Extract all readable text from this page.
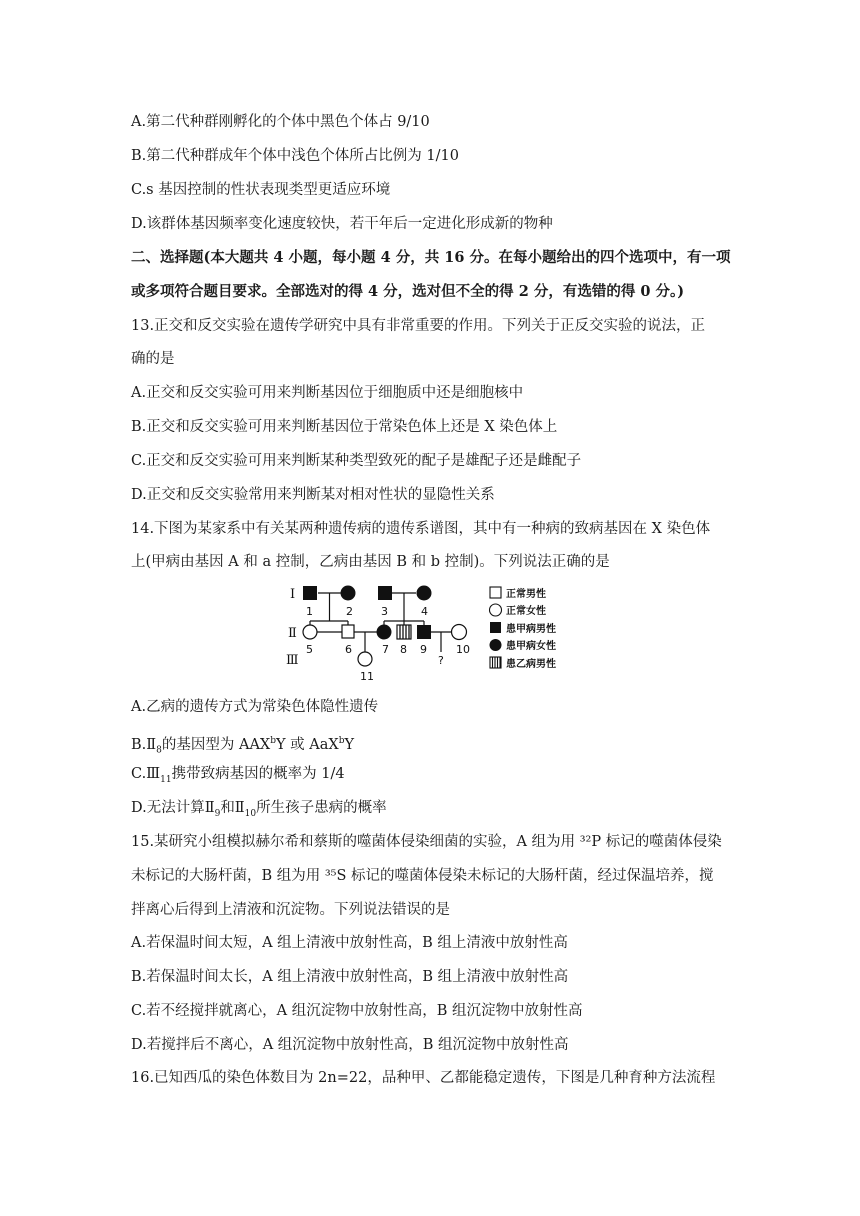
A.第二代种群刚孵化的个体中黑色个体占 9/10
B.第二代种群成年个体中浅色个体所占比例为 1/10
C.s 基因控制的性状表现类型更适应环境
D.该群体基因频率变化速度较快，若干年后一定进化形成新的物种
二、选择题(本大题共 4 小题，每小题 4 分，共 16 分。在每小题给出的四个选项中，有一项
或多项符合题目要求。全部选对的得 4 分，选对但不全的得 2 分，有选错的得 0 分。)
13.正交和反交实验在遗传学研究中具有非常重要的作用。下列关于正反交实验的说法，正
确的是
A.正交和反交实验可用来判断基因位于细胞质中还是细胞核中
B.正交和反交实验可用来判断基因位于常染色体上还是 X 染色体上
C.正交和反交实验可用来判断某种类型致死的配子是雄配子还是雌配子
D.正交和反交实验常用来判断某对相对性状的显隐性关系
14.下图为某家系中有关某两种遗传病的遗传系谱图，其中有一种病的致病基因在 X 染色体
上(甲病由基因 A 和 a 控制，乙病由基因 B 和 b 控制)。下列说法正确的是
Ⅰ
Ⅱ
Ⅲ
1	2	3	4
5	6	7 8 9	10
11
?
正常男性
正常女性
患甲病男性
患甲病女性
患乙病男性
A.乙病的遗传方式为常染色体隐性遗传
$B.Ⅱ_8$的基因型为 AAX$^b$Y 或 AaX$^b$Y
$C.Ⅲ_{11}$携带致病基因的概率为 1/4
D.无法计算$Ⅱ_9$和$Ⅱ_{10}$所生孩子患病的概率
15.某研究小组模拟赫尔希和蔡斯的噬菌体侵染细菌的实验，A 组为用 ³²P 标记的噬菌体侵染
未标记的大肠杆菌，B 组为用 ³⁵S 标记的噬菌体侵染未标记的大肠杆菌，经过保温培养，搅
拌离心后得到上清液和沉淀物。下列说法错误的是
A.若保温时间太短，A 组上清液中放射性高，B 组上清液中放射性高
B.若保温时间太长，A 组上清液中放射性高，B 组上清液中放射性高
C.若不经搅拌就离心，A 组沉淀物中放射性高，B 组沉淀物中放射性高
D.若搅拌后不离心，A 组沉淀物中放射性高，B 组沉淀物中放射性高
16.已知西瓜的染色体数目为 2n=22，品种甲、乙都能稳定遗传，下图是几种育种方法流程
